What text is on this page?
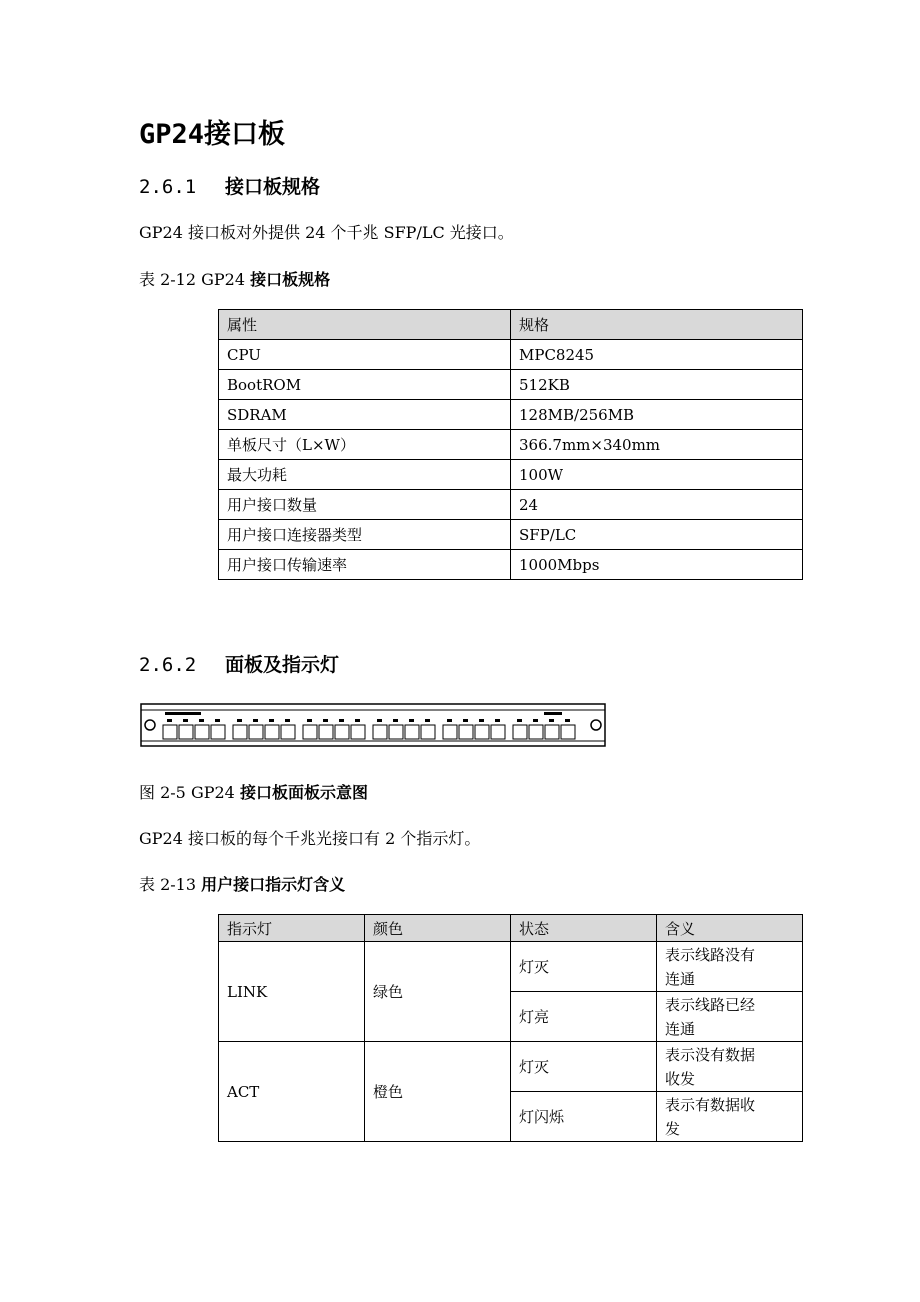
GP24接口板
2.6.1 接口板规格
GP24 接口板对外提供 24 个千兆 SFP/LC 光接口。
表 2-12 GP24 接口板规格
属性	规格
CPU	MPC8245
BootROM	512KB
SDRAM	128MB/256MB
单板尺寸（L×W）	366.7mm×340mm
最大功耗	100W
用户接口数量	24
用户接口连接器类型	SFP/LC
用户接口传输速率	1000Mbps
2.6.2 面板及指示灯
图 2-5 GP24 接口板面板示意图
GP24 接口板的每个千兆光接口有 2 个指示灯。
表 2-13 用户接口指示灯含义
指示灯	颜色	状态	含义
LINK	绿色	灯灭	表示线路没有
连通

		灯亮	表示线路已经
连通

ACT	橙色	灯灭	表示没有数据
收发

		灯闪烁	表示有数据收
发
